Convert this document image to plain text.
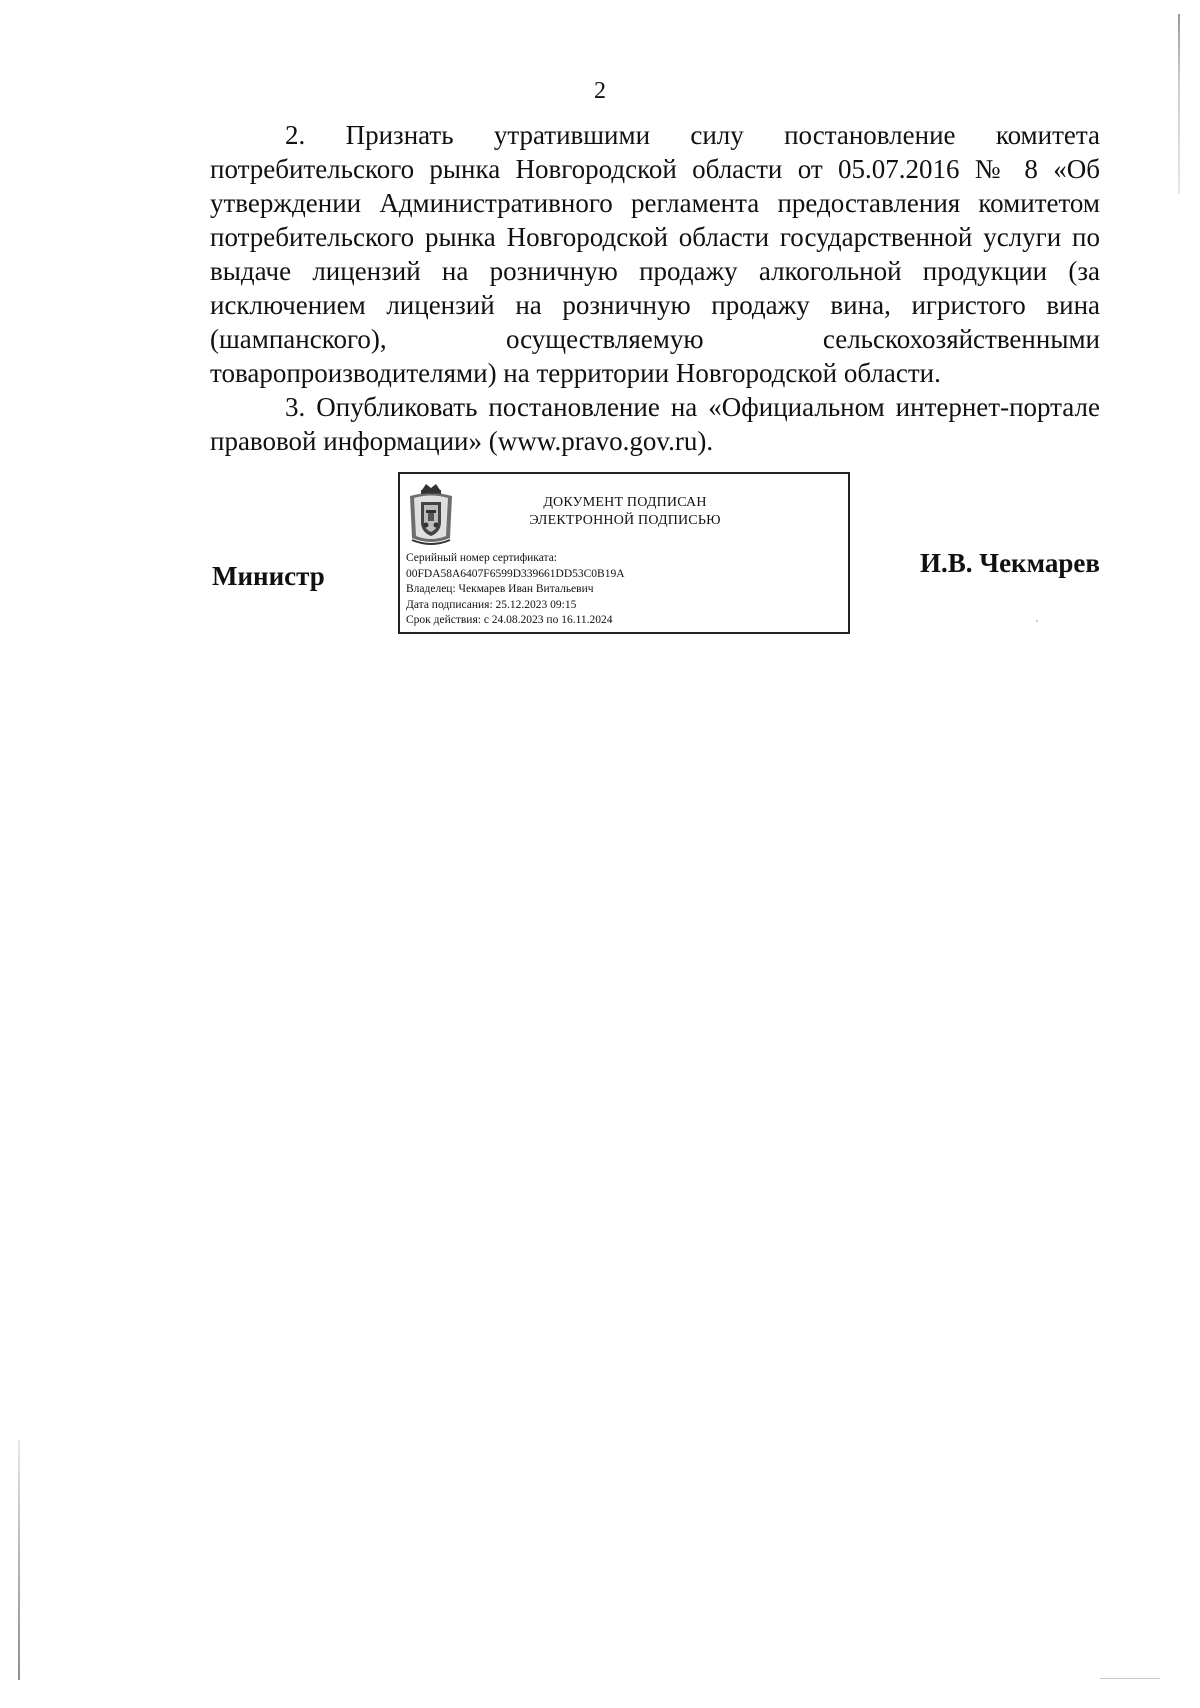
2

2. Признать утратившими силу постановление комитета потребительского рынка Новгородской области от 05.07.2016 № 8 «Об утверждении Административного регламента предоставления комитетом потребительского рынка Новгородской области государственной услуги по выдаче лицензий на розничную продажу алкогольной продукции (за исключением лицензий на розничную продажу вина, игристого вина (шампанского), осуществляемую сельскохозяйственными товаропроизводителями) на территории Новгородской области.

3. Опубликовать постановление на «Официальном интернет-портале правовой информации» (www.pravo.gov.ru).

Министр	И.В. Чекмарев
ДОКУМЕНТ ПОДПИСАН
ЭЛЕКТРОННОЙ ПОДПИСЬЮ
Серийный номер сертификата:
00FDA58A6407F6599D339661DD53C0B19A
Владелец: Чекмарев Иван Витальевич
Дата подписания: 25.12.2023 09:15
Срок действия: с 24.08.2023 по 16.11.2024
